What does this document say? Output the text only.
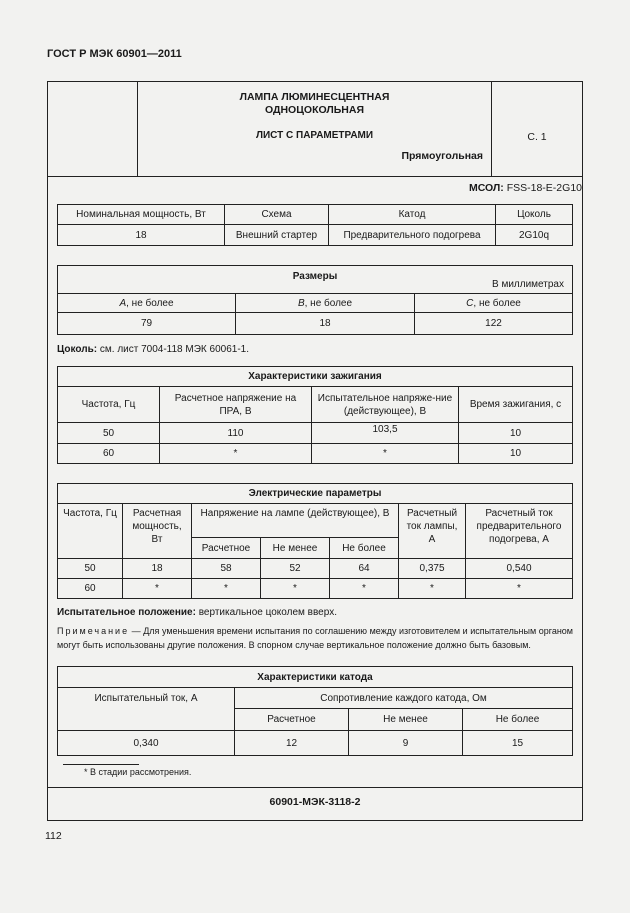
ГОСТ Р МЭК 60901—2011
ЛАМПА ЛЮМИНЕСЦЕНТНАЯ
ОДНОЦОКОЛЬНАЯ
ЛИСТ С ПАРАМЕТРАМИ
Прямоугольная
С. 1
МСОЛ: FSS-18-E-2G10
Номинальная мощность, Вт	Схема	Катод	Цоколь
18	Внешний стартер	Предварительного подогрева	2G10q
Размеры
В миллиметрах		

A, не более	B, не более	C, не более
79	18	122
Цоколь: см. лист 7004-118 МЭК 60061-1.
Характеристики зажигания			
Частота, Гц	Расчетное напряжение на ПРА, В	Испытательное напряже-ние (действующее), В	Время зажигания, с
50	110	103,5	10
60	*	*	10
Электрические параметры						
Частота, Гц	Расчетная мощность, Вт	Напряжение на лампе (действующее), В			Расчетный ток лампы, А	Расчетный ток предварительного подогрева, А
		Расчетное	Не менее	Не более		
50	18	58	52	64	0,375	0,540
60	*	*	*	*	*	*
Испытательное положение: вертикальное цоколем вверх.
Примечание — Для уменьшения времени испытания по соглашению между изготовителем и испытательным органом могут быть использованы другие положения. В спорном случае вертикальное положение должно быть базовым.
Характеристики катода			
Испытательный ток, А	Сопротивление каждого катода, Ом		
	Расчетное	Не менее	Не более
0,340	12	9	15
* В стадии рассмотрения.
60901-МЭК-3118-2
112
